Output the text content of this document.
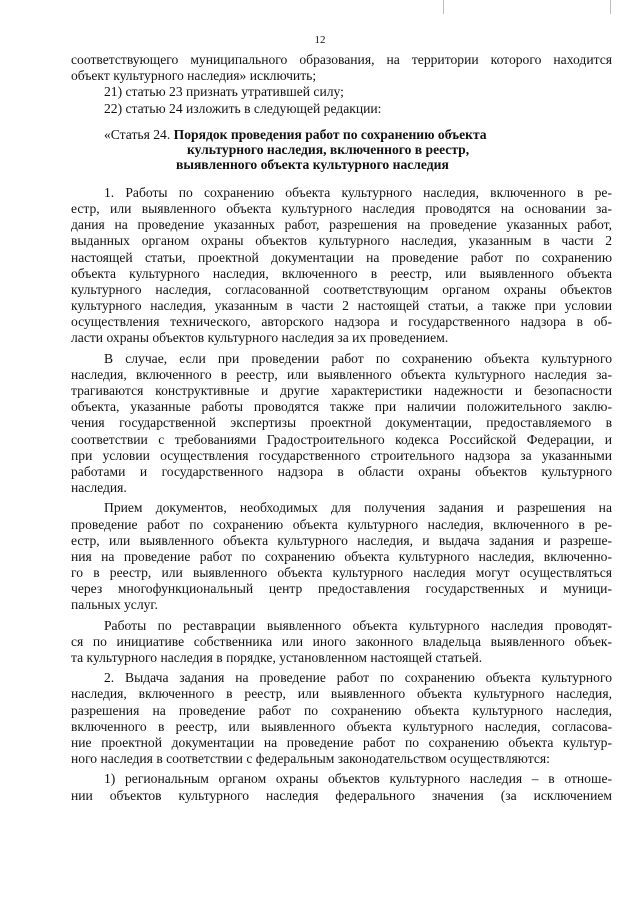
12
соответствующего муниципального образования, на территории которого находится
объект культурного наследия» исключить;
21) статью 23 признать утратившей силу;
22) статью 24 изложить в следующей редакции:
«Статья 24. Порядок проведения работ по сохранению объекта
культурного наследия, включенного в реестр,
выявленного объекта культурного наследия
1. Работы по сохранению объекта культурного наследия, включенного в ре-
естр, или выявленного объекта культурного наследия проводятся на основании за-
дания на проведение указанных работ, разрешения на проведение указанных работ,
выданных органом охраны объектов культурного наследия, указанным в части 2
настоящей статьи, проектной документации на проведение работ по сохранению
объекта культурного наследия, включенного в реестр, или выявленного объекта
культурного наследия, согласованной соответствующим органом охраны объектов
культурного наследия, указанным в части 2 настоящей статьи, а также при условии
осуществления технического, авторского надзора и государственного надзора в об-
ласти охраны объектов культурного наследия за их проведением.
В случае, если при проведении работ по сохранению объекта культурного
наследия, включенного в реестр, или выявленного объекта культурного наследия за-
трагиваются конструктивные и другие характеристики надежности и безопасности
объекта, указанные работы проводятся также при наличии положительного заклю-
чения государственной экспертизы проектной документации, предоставляемого в
соответствии с требованиями Градостроительного кодекса Российской Федерации, и
при условии осуществления государственного строительного надзора за указанными
работами и государственного надзора в области охраны объектов культурного
наследия.
Прием документов, необходимых для получения задания и разрешения на
проведение работ по сохранению объекта культурного наследия, включенного в ре-
естр, или выявленного объекта культурного наследия, и выдача задания и разреше-
ния на проведение работ по сохранению объекта культурного наследия, включенно-
го в реестр, или выявленного объекта культурного наследия могут осуществляться
через многофункциональный центр предоставления государственных и муници-
пальных услуг.
Работы по реставрации выявленного объекта культурного наследия проводят-
ся по инициативе собственника или иного законного владельца выявленного объек-
та культурного наследия в порядке, установленном настоящей статьей.
2. Выдача задания на проведение работ по сохранению объекта культурного
наследия, включенного в реестр, или выявленного объекта культурного наследия,
разрешения на проведение работ по сохранению объекта культурного наследия,
включенного в реестр, или выявленного объекта культурного наследия, согласова-
ние проектной документации на проведение работ по сохранению объекта культур-
ного наследия в соответствии с федеральным законодательством осуществляются:
1) региональным органом охраны объектов культурного наследия – в отноше-
нии объектов культурного наследия федерального значения (за исключением
